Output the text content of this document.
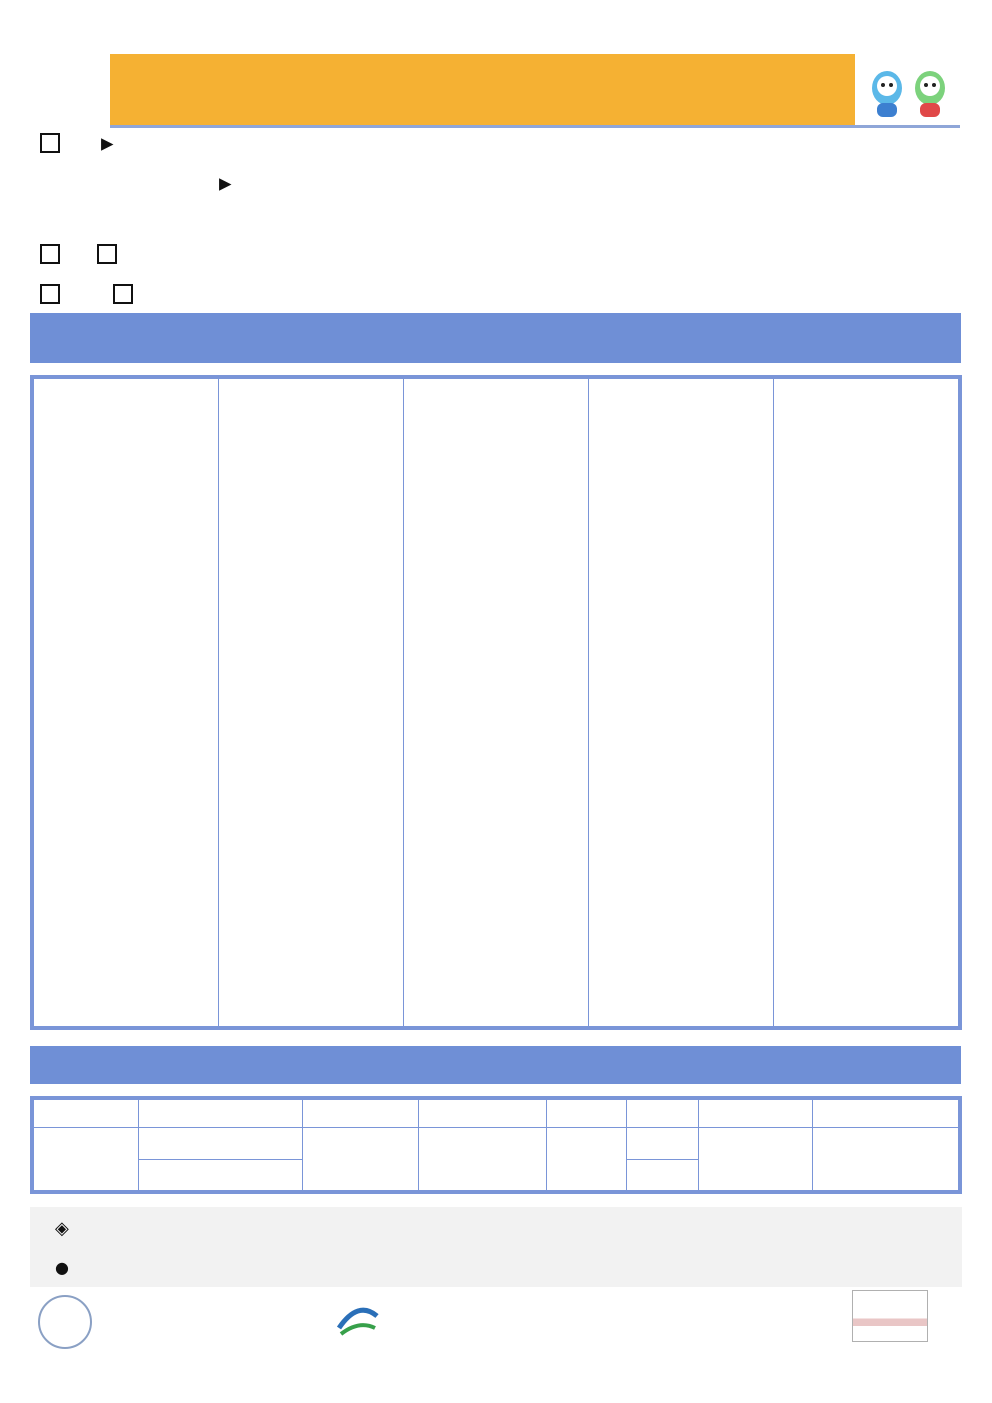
▸
▸

◈
●
